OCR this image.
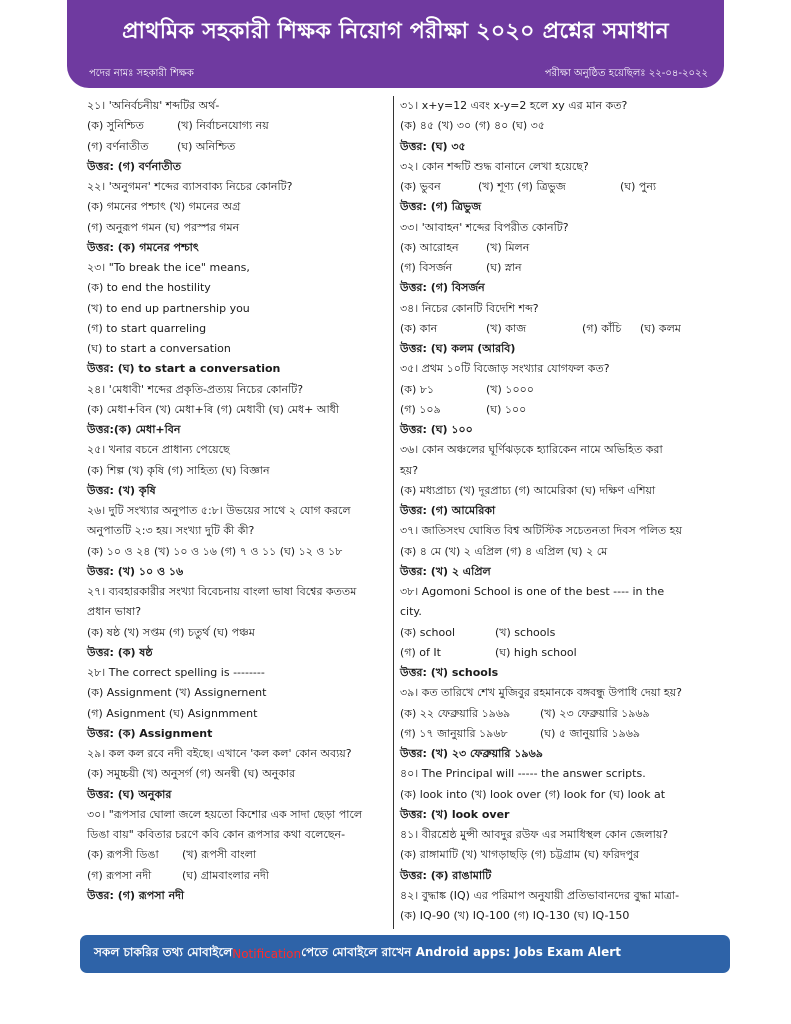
প্রাথমিক সহকারী শিক্ষক নিয়োগ পরীক্ষা ২০২০ প্রশ্নের সমাধান
পদের নামঃ সহকারী শিক্ষক	পরীক্ষা অনুষ্ঠিত হয়েছিলঃ ২২-০৪-২০২২
২১। 'অনির্বচনীয়' শব্দটির অর্থ-
(ক) সুনিশ্চিত	(খ) নির্বাচনযোগ্য নয়
(গ) বর্ণনাতীত	(ঘ) অনিশ্চিত
উত্তর: (গ) বর্ণনাতীত
২২। 'অনুগমন' শব্দের ব্যাসবাক্য নিচের কোনটি?
(ক) গমনের পশ্চাৎ (খ) গমনের অগ্র
(গ) অনুরূপ গমন (ঘ) পরস্পর গমন
উত্তর: (ক) গমনের পশ্চাৎ
২৩। "To break the ice" means,
(ক) to end the hostility
(খ) to end up partnership you
(গ) to start quarreling
(ঘ) to start a conversation
উত্তর: (ঘ) to start a conversation
২৪। 'মেধাবী' শব্দের প্রকৃতি-প্রত্যয় নিচের কোনটি?
(ক) মেধা+বিন (খ) মেধা+ৰি (গ) মেধাবী (ঘ) মেধ+ আধী
উত্তর:(ক) মেধা+বিন
২৫। খনার বচনে প্রাধান্য পেয়েছে
(ক) শিল্প (খ) কৃষি (গ) সাহিত্য (ঘ) বিজ্ঞান
উত্তর: (খ) কৃষি
২৬। দুটি সংখ্যার অনুপাত ৫:৮। উভয়ের সাথে ২ যোগ করলে
অনুপাতটি ২:৩ হয়। সংখ্যা দুটি কী কী?
(ক) ১০ ও ২৪ (খ) ১০ ও ১৬ (গ) ৭ ও ১১ (ঘ) ১২ ও ১৮
উত্তর: (খ) ১০ ও ১৬
২৭। ব্যবহারকারীর সংখ্যা বিবেচনায় বাংলা ভাষা বিশ্বের কততম
প্রধান ভাষা?
(ক) ষষ্ঠ (খ) সপ্তম (গ) চতুর্থ (ঘ) পঞ্চম
উত্তর: (ক) ষষ্ঠ
২৮। The correct spelling is --------
(ক) Assignment (খ) Assignernent
(গ) Asignment (ঘ) Asignmment
উত্তর: (ক) Assignment
২৯। কল কল রবে নদী বইছে। এখানে 'কল কল' কোন অব্যয়?
(ক) সমুচ্চয়ী (খ) অনুসর্গ (গ) অনন্বী (ঘ) অনুকার
উত্তর: (ঘ) অনুকার
৩০। "রূপসার ঘোলা জলে হয়তো কিশোর এক সাদা ছেড়া পালে
ডিঙা বায়" কবিতার চরণে কবি কোন রূপসার কথা বলেছেন-
(ক) রূপসী ডিঙা	(খ) রূপসী বাংলা
(গ) রূপসা নদী	(ঘ) গ্রামবাংলার নদী
উত্তর: (গ) রূপসা নদী
৩১। x+y=12 এবং x-y=2 হলে xy এর মান কত?
(ক) ৪৫ (খ) ৩০ (গ) ৪০ (ঘ) ৩৫
উত্তর: (ঘ) ৩৫
৩২। কোন শব্দটি শুদ্ধ বানানে লেখা হয়েছে?
(ক) ভুবন	(খ) শূণ্য (গ) ত্রিভুজ	(ঘ) পুন্য
উত্তর: (গ) ত্রিভুজ
৩৩। 'আবাহন' শব্দের বিপরীত কোনটি?
(ক) আরোহন	(খ) মিলন
(গ) বিসর্জন	(ঘ) স্নান
উত্তর: (গ) বিসর্জন
৩৪। নিচের কোনটি বিদেশি শব্দ?
(ক) কান	(খ) কাজ	(গ) কাঁচি	(ঘ) কলম
উত্তর: (ঘ) কলম (আরবি)
৩৫। প্রথম ১০টি বিজোড় সংখ্যার যোগফল কত?
(ক) ৮১	(খ) ১০০০
(গ) ১০৯	(ঘ) ১০০
উত্তর: (ঘ) ১০০
৩৬। কোন অঞ্চলের ঘূর্ণিঝড়কে হ্যারিকেন নামে অভিহিত করা
হয়?
(ক) মধ্যপ্রাচ্য (খ) দূরপ্রাচ্য (গ) আমেরিকা (ঘ) দক্ষিণ এশিয়া
উত্তর: (গ) আমেরিকা
৩৭। জাতিসংঘ ঘোষিত বিশ্ব অটিস্টিক সচেতনতা দিবস পলিত হয়
(ক) ৪ মে (খ) ২ এপ্রিল (গ) ৪ এপ্রিল (ঘ) ২ মে
উত্তর: (খ) ২ এপ্রিল
৩৮। Agomoni School is one of the best ---- in the
city.
(ক) school	(খ) schools
(গ) of It	(ঘ) high school
উত্তর: (খ) schools
৩৯। কত তারিখে শেখ মুজিবুর রহমানকে বঙ্গবন্ধু উপাধি দেয়া হয়?
(ক) ২২ ফেব্রুয়ারি ১৯৬৯	(খ) ২৩ ফেব্রুয়ারি ১৯৬৯
(গ) ১৭ জানুয়ারি ১৯৬৮	(ঘ) ৫ জানুয়ারি ১৯৬৯
উত্তর: (খ) ২৩ ফেব্রুয়ারি ১৯৬৯
৪০। The Principal will ----- the answer scripts.
(ক) look into (খ) look over (গ) look for (ঘ) look at
উত্তর: (খ) look over
৪১। বীরশ্রেষ্ঠ মুন্সী আবদুর রউফ এর সমাধিস্থল কোন জেলায়?
(ক) রাঙ্গামাটি (খ) খাগড়াছড়ি (গ) চট্টগ্রাম (ঘ) ফরিদপুর
উত্তর: (ক) রাঙামাটি
৪২। বুদ্ধাঙ্ক (IQ) এর পরিমাপ অনুযায়ী প্রতিভাবানদের বুদ্ধা মাত্রা-
(ক) IQ-90 (খ) IQ-100 (গ) IQ-130 (ঘ) IQ-150
সকল চাকরির তথ্য মোবাইলে Notification পেতে মোবাইলে রাখেন Android apps: Jobs Exam Alert
